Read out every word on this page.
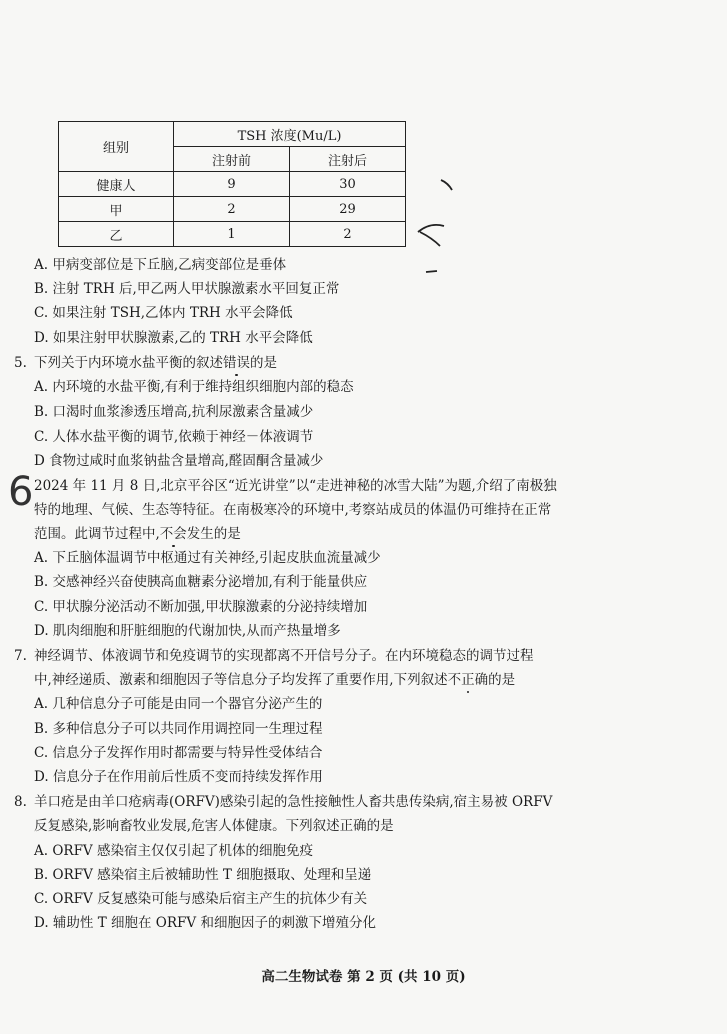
组别	TSH 浓度(Mu/L)	
	注射前	注射后
健康人	9	30
甲	2	29
乙	1	2
A. 甲病变部位是下丘脑,乙病变部位是垂体
B. 注射 TRH 后,甲乙两人甲状腺激素水平回复正常
C. 如果注射 TSH,乙体内 TRH 水平会降低
D. 如果注射甲状腺激素,乙的 TRH 水平会降低
5. 下列关于内环境水盐平衡的叙述错误的是
A. 内环境的水盐平衡,有利于维持组织细胞内部的稳态
B. 口渴时血浆渗透压增高,抗利尿激素含量减少
C. 人体水盐平衡的调节,依赖于神经－体液调节
D 食物过咸时血浆钠盐含量增高,醛固酮含量减少
6 2024 年 11 月 8 日,北京平谷区“近光讲堂”以“走进神秘的冰雪大陆”为题,介绍了南极独
特的地理、气候、生态等特征。在南极寒冷的环境中,考察站成员的体温仍可维持在正常
范围。此调节过程中,不会发生的是
A. 下丘脑体温调节中枢通过有关神经,引起皮肤血流量减少
B. 交感神经兴奋使胰高血糖素分泌增加,有利于能量供应
C. 甲状腺分泌活动不断加强,甲状腺激素的分泌持续增加
D. 肌肉细胞和肝脏细胞的代谢加快,从而产热量增多
7. 神经调节、体液调节和免疫调节的实现都离不开信号分子。在内环境稳态的调节过程
中,神经递质、激素和细胞因子等信息分子均发挥了重要作用,下列叙述不正确的是
A. 几种信息分子可能是由同一个器官分泌产生的
B. 多种信息分子可以共同作用调控同一生理过程
C. 信息分子发挥作用时都需要与特异性受体结合
D. 信息分子在作用前后性质不变而持续发挥作用
8. 羊口疮是由羊口疮病毒(ORFV)感染引起的急性接触性人畜共患传染病,宿主易被 ORFV
反复感染,影响畜牧业发展,危害人体健康。下列叙述正确的是
A. ORFV 感染宿主仅仅引起了机体的细胞免疫
B. ORFV 感染宿主后被辅助性 T 细胞摄取、处理和呈递
C. ORFV 反复感染可能与感染后宿主产生的抗体少有关
D. 辅助性 T 细胞在 ORFV 和细胞因子的刺激下增殖分化
高二生物试卷 第 2 页 (共 10 页)
